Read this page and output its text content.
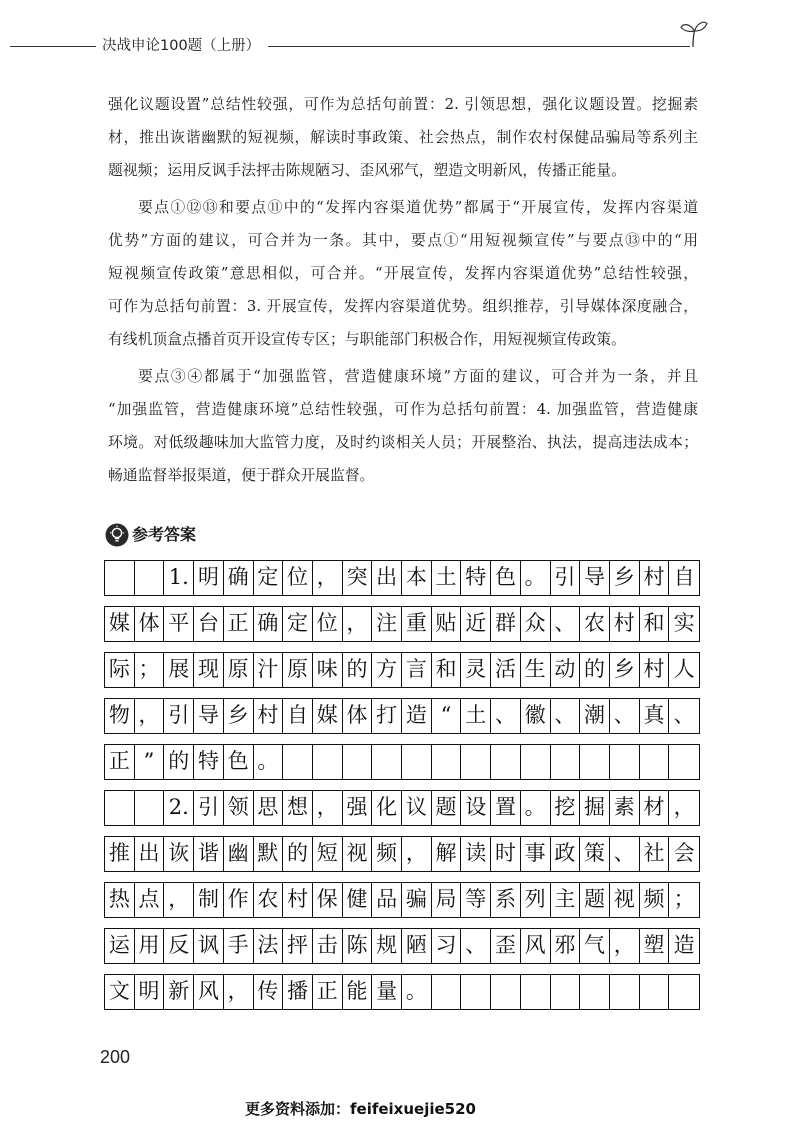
决战申论100题（上册）
强化议题设置”总结性较强，可作为总括句前置：2. 引领思想，强化议题设置。挖掘素
材，推出诙谐幽默的短视频，解读时事政策、社会热点，制作农村保健品骗局等系列主
题视频；运用反讽手法抨击陈规陋习、歪风邪气，塑造文明新风，传播正能量。
要点①⑫⑬和要点⑪中的“发挥内容渠道优势”都属于“开展宣传，发挥内容渠道
优势”方面的建议，可合并为一条。其中，要点①“用短视频宣传”与要点⑬中的“用
短视频宣传政策”意思相似，可合并。“开展宣传，发挥内容渠道优势”总结性较强，
可作为总括句前置：3. 开展宣传，发挥内容渠道优势。组织推荐，引导媒体深度融合，
有线机顶盒点播首页开设宣传专区；与职能部门积极合作，用短视频宣传政策。
要点③④都属于“加强监管，营造健康环境”方面的建议，可合并为一条，并且
“加强监管，营造健康环境”总结性较强，可作为总括句前置：4. 加强监管，营造健康
环境。对低级趣味加大监管力度，及时约谈相关人员；开展整治、执法，提高违法成本；
畅通监督举报渠道，便于群众开展监督。
参考答案
1. 明 确 定 位 ， 突 出 本 土 特 色 。 引 导 乡 村 自
媒 体 平 台 正 确 定 位 ， 注 重 贴 近 群 众 、 农 村 和 实
际 ； 展 现 原 汁 原 味 的 方 言 和 灵 活 生 动 的 乡 村 人
物 ， 引 导 乡 村 自 媒 体 打 造 “ 土 、 徽 、 潮 、 真 、
正 ” 的 特 色 。
2. 引 领 思 想 ， 强 化 议 题 设 置 。 挖 掘 素 材 ，
推 出 诙 谐 幽 默 的 短 视 频 ， 解 读 时 事 政 策 、 社 会
热 点 ， 制 作 农 村 保 健 品 骗 局 等 系 列 主 题 视 频 ；
运 用 反 讽 手 法 抨 击 陈 规 陋 习 、 歪 风 邪 气 ， 塑 造
文 明 新 风 ， 传 播 正 能 量 。
200
更多资料添加：feifeixuejie520
